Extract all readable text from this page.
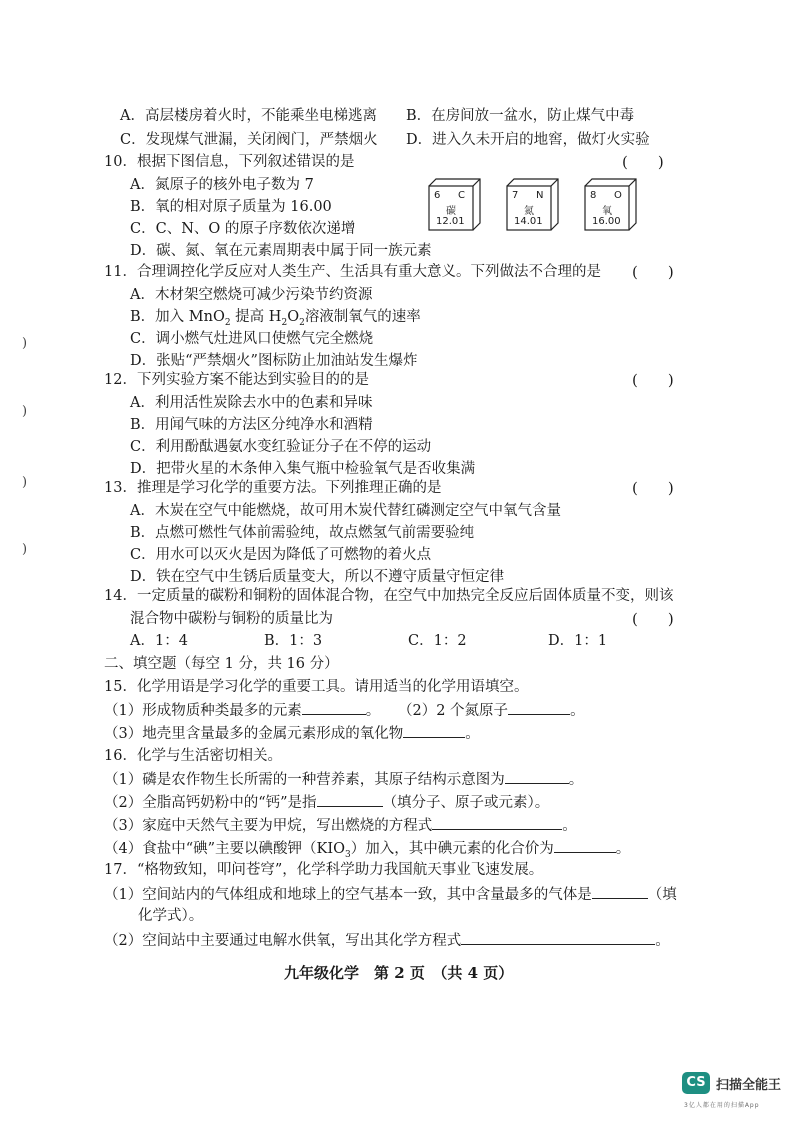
)
)
)
)
A．高层楼房着火时，不能乘坐电梯逃离 B．在房间放一盆水，防止煤气中毒
C．发现煤气泄漏，关闭阀门，严禁烟火 D．进入久未开启的地窖，做灯火实验
10．根据下图信息，下列叙述错误的是	(　　)
A．氮原子的核外电子数为 7
B．氧的相对原子质量为 16.00
C．C、N、O 的原子序数依次递增
D．碳、氮、氧在元素周期表中属于同一族元素
6 C
碳
12.01
7 N
氮
14.01
8 O
氧
16.00
11．合理调控化学反应对人类生产、生活具有重大意义。下列做法不合理的是 (　　)
A．木材架空燃烧可减少污染节约资源
B．加入 MnO$_2$ 提高 $H_2O_2$溶液制氧气的速率
C．调小燃气灶进风口使燃气完全燃烧
D．张贴“严禁烟火”图标防止加油站发生爆炸
12．下列实验方案不能达到实验目的的是	(　　)
A．利用活性炭除去水中的色素和异味
B．用闻气味的方法区分纯净水和酒精
C．利用酚酞遇氨水变红验证分子在不停的运动
D．把带火星的木条伸入集气瓶中检验氧气是否收集满
13．推理是学习化学的重要方法。下列推理正确的是	(　　)
A．木炭在空气中能燃烧，故可用木炭代替红磷测定空气中氧气含量
B．点燃可燃性气体前需验纯，故点燃氢气前需要验纯
C．用水可以灭火是因为降低了可燃物的着火点
D．铁在空气中生锈后质量变大，所以不遵守质量守恒定律
14．一定质量的碳粉和铜粉的固体混合物，在空气中加热完全反应后固体质量不变，则该
混合物中碳粉与铜粉的质量比为	(　　)
A．1：4	B．1：3	C．1：2	D．1：1
二、填空题（每空 1 分，共 16 分）
15．化学用语是学习化学的重要工具。请用适当的化学用语填空。
（1）形成物质种类最多的元素	。 （2）2 个氮原子	。
（3）地壳里含量最多的金属元素形成的氧化物	。
16．化学与生活密切相关。
（1）磷是农作物生长所需的一种营养素，其原子结构示意图为	。
（2）全脂高钙奶粉中的“钙”是指	（填分子、原子或元素）。
（3）家庭中天然气主要为甲烷，写出燃烧的方程式	。
（4）食盐中“碘”主要以碘酸钾$(KIO_3)$加入，其中碘元素的化合价为	。
17．“格物致知，叩问苍穹”，化学科学助力我国航天事业飞速发展。
（1）空间站内的气体组成和地球上的空气基本一致，其中含量最多的气体是	（填
化学式）。
（2）空间站中主要通过电解水供氧，写出其化学方程式	。
九年级化学　第 2 页　（共 4 页）
CS 扫描全能王
3亿人都在用的扫描App
